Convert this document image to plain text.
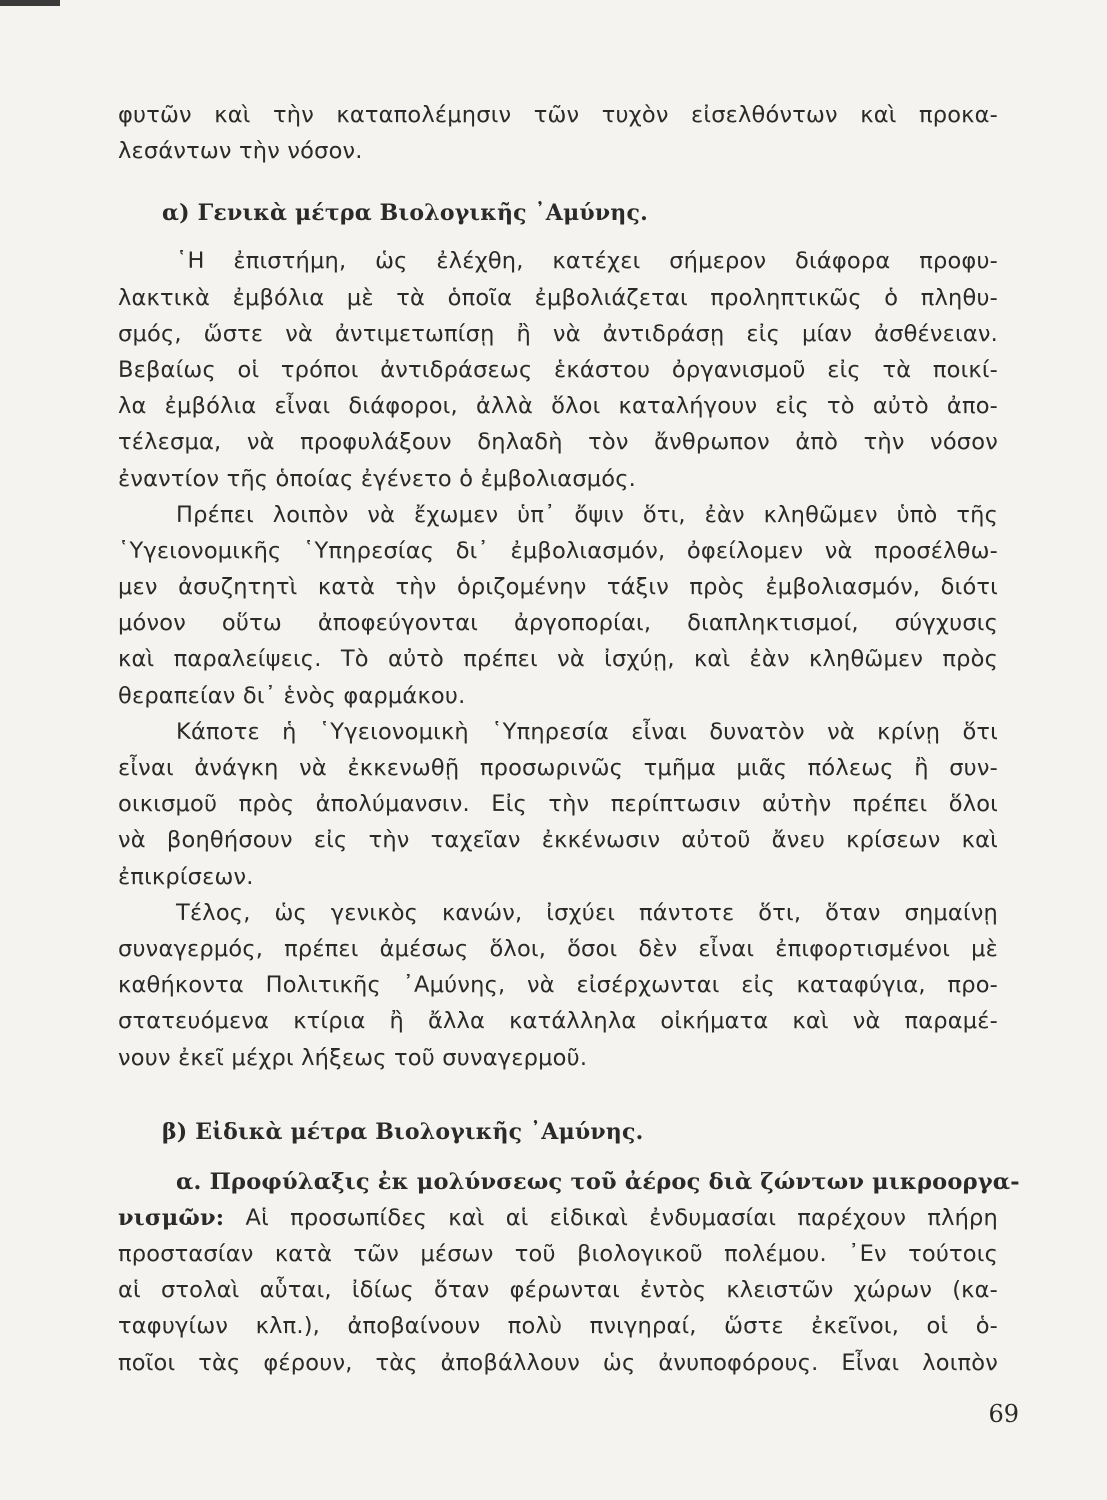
φυτῶν καὶ τὴν καταπολέμησιν τῶν τυχὸν εἰσελθόντων καὶ προκα-
λεσάντων τὴν νόσον.
α) Γενικὰ μέτρα Βιολογικῆς ᾿Αμύνης.
῾Η ἐπιστήμη, ὡς ἐλέχθη, κατέχει σήμερον διάφορα προφυ-
λακτικὰ ἐμβόλια μὲ τὰ ὁποῖα ἐμβολιάζεται προληπτικῶς ὁ πληθυ-
σμός, ὥστε νὰ ἀντιμετωπίσῃ ἢ νὰ ἀντιδράσῃ εἰς μίαν ἀσθένειαν.
Βεβαίως οἱ τρόποι ἀντιδράσεως ἑκάστου ὀργανισμοῦ εἰς τὰ ποικί-
λα ἐμβόλια εἶναι διάφοροι, ἀλλὰ ὅλοι καταλήγουν εἰς τὸ αὐτὸ ἀπο-
τέλεσμα, νὰ προφυλάξουν δηλαδὴ τὸν ἄνθρωπον ἀπὸ τὴν νόσον
ἐναντίον τῆς ὁποίας ἐγένετο ὁ ἐμβολιασμός.
Πρέπει λοιπὸν νὰ ἔχωμεν ὑπ᾿ ὄψιν ὅτι, ἐὰν κληθῶμεν ὑπὸ τῆς
῾Υγειονομικῆς ῾Υπηρεσίας δι᾿ ἐμβολιασμόν, ὀφείλομεν νὰ προσέλθω-
μεν ἀσυζητητὶ κατὰ τὴν ὁριζομένην τάξιν πρὸς ἐμβολιασμόν, διότι
μόνον οὕτω ἀποφεύγονται ἀργοπορίαι, διαπληκτισμοί, σύγχυσις
καὶ παραλείψεις. Τὸ αὐτὸ πρέπει νὰ ἰσχύῃ, καὶ ἐὰν κληθῶμεν πρὸς
θεραπείαν δι᾿ ἑνὸς φαρμάκου.
Κάποτε ἡ ῾Υγειονομικὴ ῾Υπηρεσία εἶναι δυνατὸν νὰ κρίνῃ ὅτι
εἶναι ἀνάγκη νὰ ἐκκενωθῇ προσωρινῶς τμῆμα μιᾶς πόλεως ἢ συν-
οικισμοῦ πρὸς ἀπολύμανσιν. Εἰς τὴν περίπτωσιν αὐτὴν πρέπει ὅλοι
νὰ βοηθήσουν εἰς τὴν ταχεῖαν ἐκκένωσιν αὐτοῦ ἄνευ κρίσεων καὶ
ἐπικρίσεων.
Τέλος, ὡς γενικὸς κανών, ἰσχύει πάντοτε ὅτι, ὅταν σημαίνῃ
συναγερμός, πρέπει ἀμέσως ὅλοι, ὅσοι δὲν εἶναι ἐπιφορτισμένοι μὲ
καθήκοντα Πολιτικῆς ᾿Αμύνης, νὰ εἰσέρχωνται εἰς καταφύγια, προ-
στατευόμενα κτίρια ἢ ἄλλα κατάλληλα οἰκήματα καὶ νὰ παραμέ-
νουν ἐκεῖ μέχρι λήξεως τοῦ συναγερμοῦ.
β) Εἰδικὰ μέτρα Βιολογικῆς ᾿Αμύνης.
α. Προφύλαξις ἐκ μολύνσεως τοῦ ἀέρος διὰ ζώντων μικροοργα-
νισμῶν: Αἱ προσωπίδες καὶ αἱ εἰδικαὶ ἐνδυμασίαι παρέχουν πλήρη
προστασίαν κατὰ τῶν μέσων τοῦ βιολογικοῦ πολέμου. ᾿Εν τούτοις
αἱ στολαὶ αὗται, ἰδίως ὅταν φέρωνται ἐντὸς κλειστῶν χώρων (κα-
ταφυγίων κλπ.), ἀποβαίνουν πολὺ πνιγηραί, ὥστε ἐκεῖνοι, οἱ ὁ-
ποῖοι τὰς φέρουν, τὰς ἀποβάλλουν ὡς ἀνυποφόρους. Εἶναι λοιπὸν
69
